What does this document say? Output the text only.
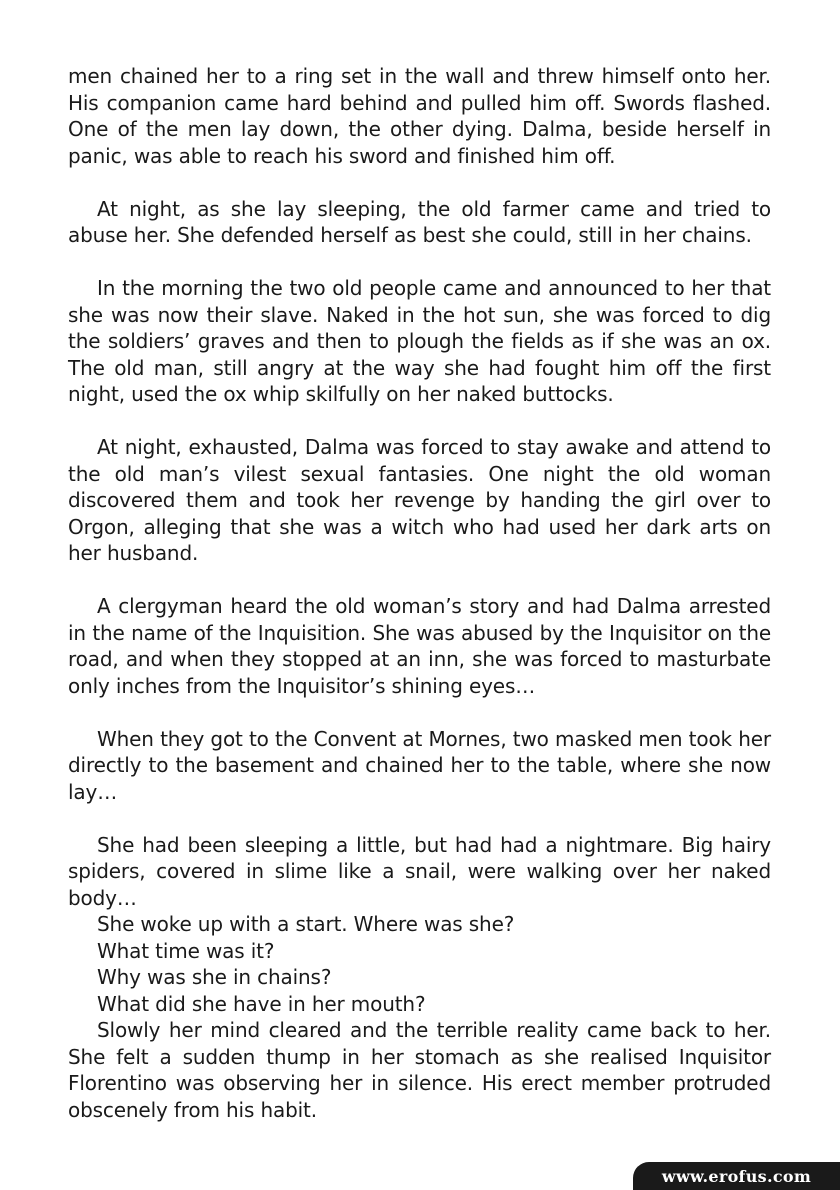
men chained her to a ring set in the wall and threw himself onto her. His companion came hard behind and pulled him off. Swords flashed. One of the men lay down, the other dying. Dalma, beside herself in panic, was able to reach his sword and finished him off.

At night, as she lay sleeping, the old farmer came and tried to abuse her. She defended herself as best she could, still in her chains.

In the morning the two old people came and announced to her that she was now their slave. Naked in the hot sun, she was forced to dig the soldiers’ graves and then to plough the fields as if she was an ox. The old man, still angry at the way she had fought him off the first night, used the ox whip skilfully on her naked buttocks.

At night, exhausted, Dalma was forced to stay awake and attend to the old man’s vilest sexual fantasies. One night the old woman discovered them and took her revenge by handing the girl over to Orgon, alleging that she was a witch who had used her dark arts on her husband.

A clergyman heard the old woman’s story and had Dalma arrested in the name of the Inquisition. She was abused by the Inquisitor on the road, and when they stopped at an inn, she was forced to masturbate only inches from the Inquisitor’s shining eyes…

When they got to the Convent at Mornes, two masked men took her directly to the basement and chained her to the table, where she now lay…

She had been sleeping a little, but had had a nightmare. Big hairy spiders, covered in slime like a snail, were walking over her naked body…

She woke up with a start. Where was she?

What time was it?

Why was she in chains?

What did she have in her mouth?

Slowly her mind cleared and the terrible reality came back to her. She felt a sudden thump in her stomach as she realised Inquisitor Florentino was observing her in silence. His erect member protruded obscenely from his habit.

www.erofus.com
